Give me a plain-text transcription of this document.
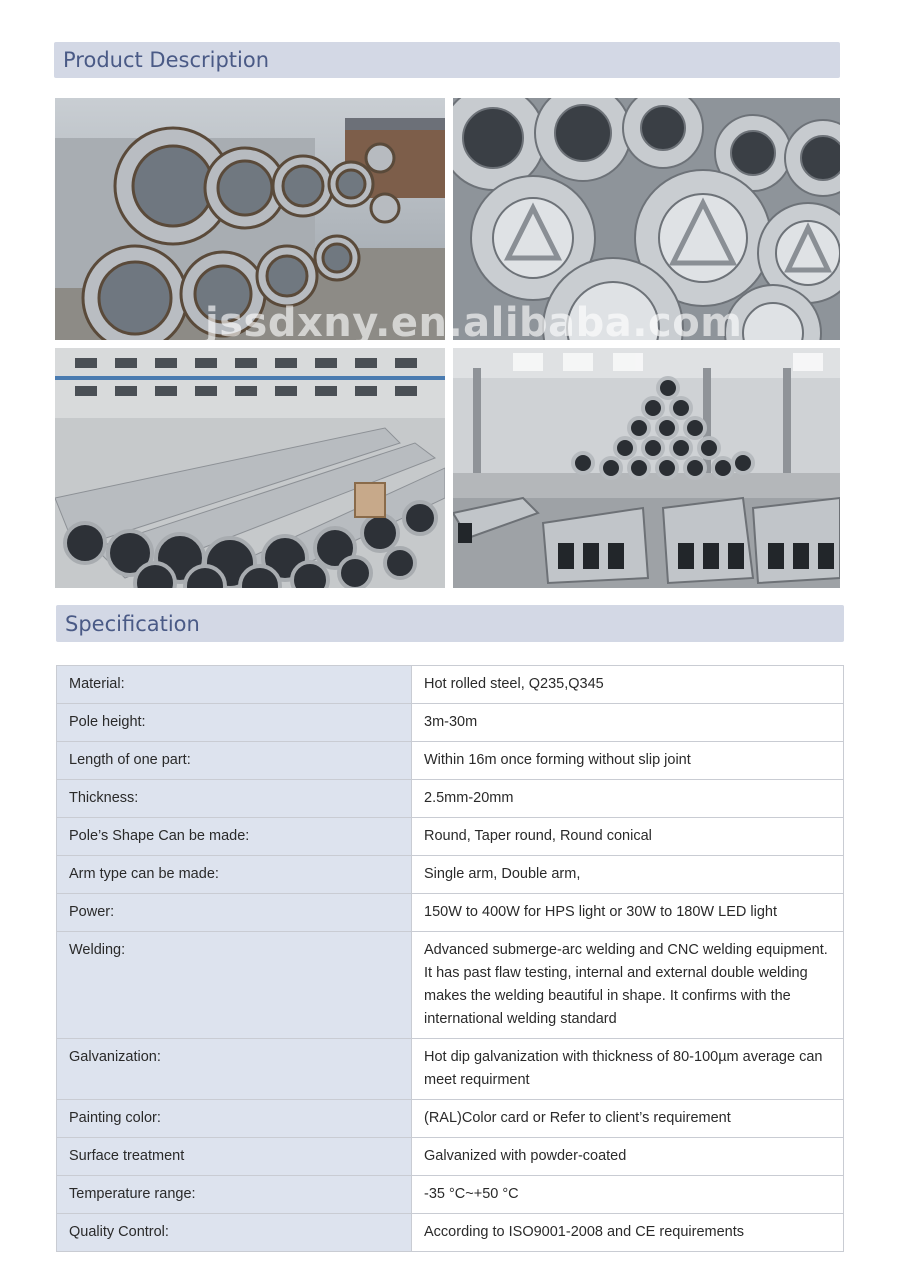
Product Description
jssdxny.en.alibaba.com
Specification
Material:	Hot rolled steel, Q235,Q345
Pole height:	3m-30m
Length of one part:	Within 16m once forming without slip joint
Thickness:	2.5mm-20mm
Pole’s Shape Can be made:	Round, Taper round, Round conical
Arm type can be made:	Single arm, Double arm,
Power:	150W to 400W for HPS light or 30W to 180W LED light
Welding:	Advanced submerge-arc welding and CNC welding equipment. It has past flaw testing, internal and external double welding makes the welding beautiful in shape. It confirms with the international welding standard
Galvanization:	Hot dip galvanization with thickness of 80-100µm average can meet requirment
Painting color:	(RAL)Color card or Refer to client’s requirement
Surface treatment	Galvanized with powder-coated
Temperature range:	-35 °C~+50 °C
Quality Control:	According to ISO9001-2008 and CE requirements
